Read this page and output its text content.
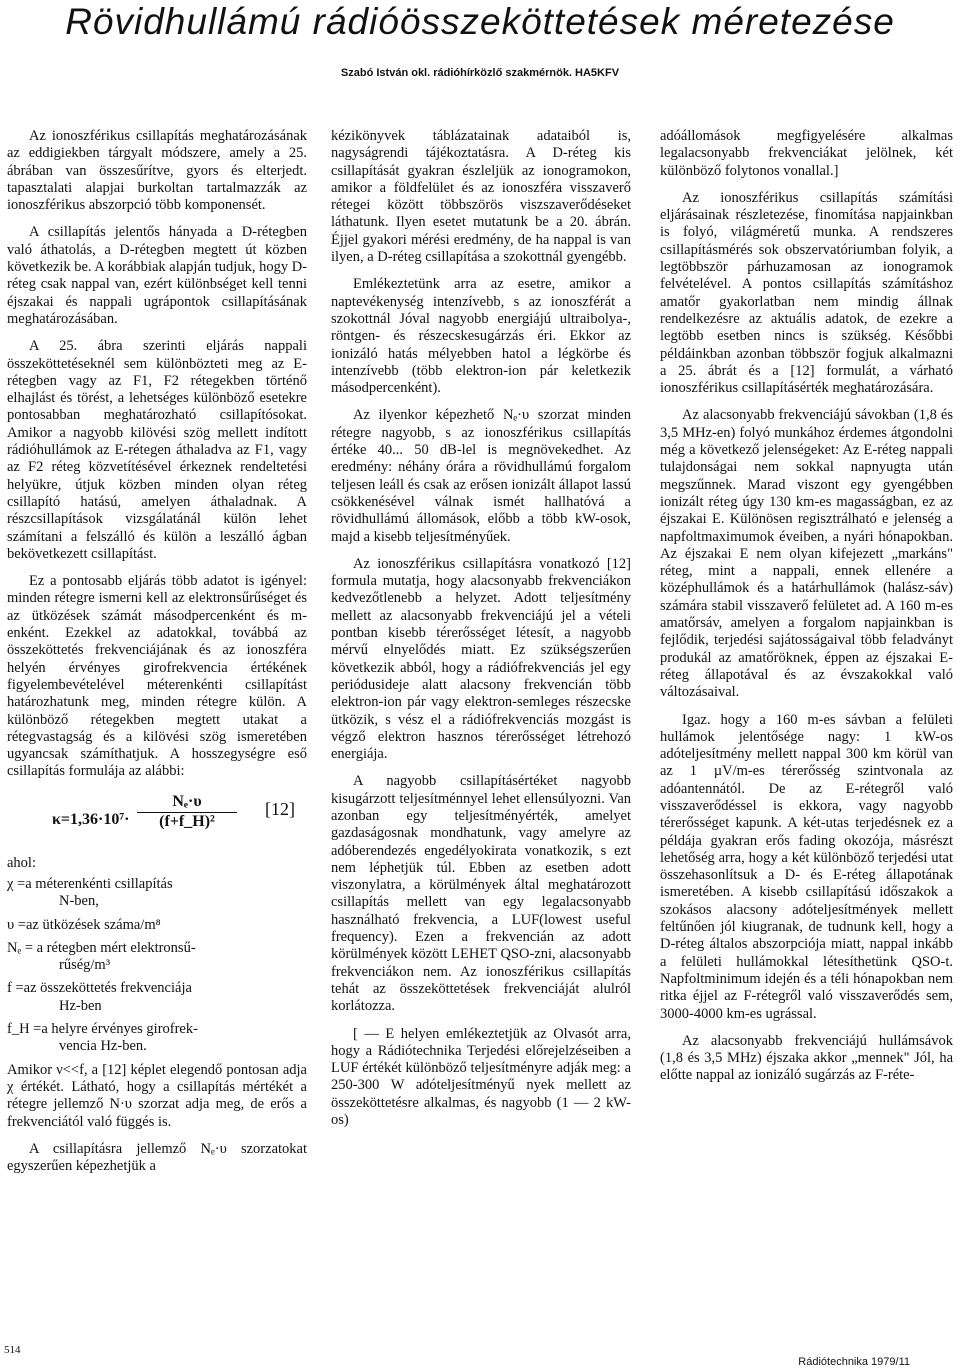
Rövidhullámú rádióösszeköttetések méretezése
Szabó István okl. rádióhírközlő szakmérnök. HA5KFV

Az ionoszférikus csillapítás meghatározásának az eddigiekben tárgyalt módszere, amely a 25. ábrában van összesűrítve, gyors és elterjedt. tapasztalati alapjai burkoltan tartalmazzák az ionoszférikus abszorpció több komponensét.

A csillapítás jelentős hányada a D-rétegben való áthatolás, a D-rétegben megtett út közben következik be. A korábbiak alapján tudjuk, hogy D-réteg csak nappal van, ezért különbséget kell tenni éjszakai és nappali ugrápontok csillapításának meghatározásában.

A 25. ábra szerinti eljárás nappali összeköttetéseknél sem különbözteti meg az E-rétegben vagy az F1, F2 rétegekben történő elhajlást és törést, a lehetséges különböző esetekre pontosabban meghatározható csillapítósokat. Amikor a nagyobb kilövési szög mellett indított rádióhullámok az E-rétegen áthaladva az F1, vagy az F2 réteg közvetítésével érkeznek rendeltetési helyükre, útjuk közben minden olyan réteg csillapító hatású, amelyen áthaladnak. A részcsillapítások vizsgálatánál külön lehet számítani a felszálló és külön a leszálló ágban bekövetkezett csillapítást.

Ez a pontosabb eljárás több adatot is igényel: minden rétegre ismerni kell az elektronsűrűséget és az ütközések számát másodpercenként és m-enként. Ezekkel az adatokkal, továbbá az összeköttetés frekvenciájának és az ionoszféra helyén érvényes girofrekvencia értékének figyelembevételével méterenkénti csillapítást határozhatunk meg, minden rétegre külön. A különböző rétegekben megtett utakat a rétegvastagság és a kilövési szög ismeretében ugyancsak számíthatjuk. A hosszegységre eső csillapítás formulája az alábbi:

$\kappa=1,36\cdot 10^7\cdot \frac{\text{Nₑ·υ}}{\text{(f+f\_H)²}} [12]$
ahol:
χ =a méterenkénti csillapítás
N-ben,
υ =az ütközések száma/m⁸
Nₑ = a rétegben mért elektronsű-
rűség/m³
f =az összeköttetés frekvenciája
Hz-ben
f_H =a helyre érvényes girofrek-
vencia Hz-ben.

Amikor ν<<f, a [12] képlet elegendő pontosan adja χ értékét. Látható, hogy a csillapítás mértékét a rétegre jellemző N·υ szorzat adja meg, de erős a frekvenciától való függés is.

A csillapításra jellemző Nₑ·υ szorzatokat egyszerűen képezhetjük a

kézikönyvek táblázatainak adataiból is, nagyságrendi tájékoztatásra. A D-réteg kis csillapítását gyakran észleljük az ionogramokon, amikor a földfelület és az ionoszféra visszaverő rétegei között többszörös viszszaverődéseket láthatunk. Ilyen esetet mutatunk be a 20. ábrán. Éjjel gyakori mérési eredmény, de ha nappal is van ilyen, a D-réteg csillapítása a szokottnál gyengébb.

Emlékeztetünk arra az esetre, amikor a naptevékenység intenzívebb, s az ionoszférát a szokottnál Jóval nagyobb energiájú ultraibolya-, röntgen- és részecskesugárzás éri. Ekkor az ionizáló hatás mélyebben hatol a légkörbe és intenzívebb (több elektron-ion pár keletkezik másodpercenként).

Az ilyenkor képezhető Nₑ·υ szorzat minden rétegre nagyobb, s az ionoszférikus csillapítás értéke 40... 50 dB-lel is megnövekedhet. Az eredmény: néhány órára a rövidhullámú forgalom teljesen leáll és csak az erősen ionizált állapot lassú csökkenésével válnak ismét hallhatóvá a rövidhullámú állomások, előbb a több kW-osok, majd a kisebb teljesítményűek.

Az ionoszférikus csillapításra vonatkozó [12] formula mutatja, hogy alacsonyabb frekvenciákon kedvezőtlenebb a helyzet. Adott teljesítmény mellett az alacsonyabb frekvenciájú jel a vételi pontban kisebb térerősséget létesít, a nagyobb mérvű elnyelődés miatt. Ez szükségszerűen következik abból, hogy a rádiófrekvenciás jel egy periódusideje alatt alacsony frekvencián több elektron-ion pár vagy elektron-semleges részecske ütközik, s vész el a rádiófrekvenciás mozgást is végző elektron hasznos térerősséget létrehozó energiája.

A nagyobb csillapításértéket nagyobb kisugárzott teljesítménnyel lehet ellensúlyozni. Van azonban egy teljesítményérték, amelyet gazdaságosnak mondhatunk, vagy amelyre az adóberendezés engedélyokirata vonatkozik, s ezt nem léphetjük túl. Ebben az esetben adott viszonylatra, a körülmények által meghatározott csillapítás mellett van egy legalacsonyabb használható frekvencia, a LUF(lowest useful frequency). Ezen a frekvencián az adott körülmények között LEHET QSO-zni, alacsonyabb frekvenciákon nem. Az ionoszférikus csillapítás tehát az összeköttetések frekvenciáját alulról korlátozza.

[ — E helyen emlékeztetjük az Olvasót arra, hogy a Rádiótechnika Terjedési előrejelzéseiben a LUF értékét különböző teljesítményre adják meg: a 250-300 W adóteljesítményű nyek mellett az összeköttetésre alkalmas, és nagyobb (1 — 2 kW-os)

adóállomások megfigyelésére alkalmas legalacsonyabb frekvenciákat jelölnek, két különböző folytonos vonallal.]

Az ionoszférikus csillapítás számítási eljárásainak részletezése, finomítása napjainkban is folyó, világméretű munka. A rendszeres csillapításmérés sok obszervatóriumban folyik, a legtöbbször párhuzamosan az ionogramok felvételével. A pontos csillapítás számításhoz amatőr gyakorlatban nem mindig állnak rendelkezésre az aktuális adatok, de ezekre a legtöbb esetben nincs is szükség. Későbbi példáinkban azonban többször fogjuk alkalmazni a 25. ábrát és a [12] formulát, a várható ionoszférikus csillapításérték meghatározására.

Az alacsonyabb frekvenciájú sávokban (1,8 és 3,5 MHz-en) folyó munkához érdemes átgondolni még a következő jelenségeket: Az E-réteg nappali tulajdonságai nem sokkal napnyugta után megszűnnek. Marad viszont egy gyengébben ionizált réteg úgy 130 km-es magasságban, ez az éjszakai E. Különösen regisztrálható e jelenség a napfoltmaximumok éveiben, a nyári hónapokban. Az éjszakai E nem olyan kifejezett „markáns" réteg, mint a nappali, ennek ellenére a középhullámok és a határhullámok (halász-sáv) számára stabil visszaverő felületet ad. A 160 m-es amatőrsáv, amelyen a forgalom napjainkban is fejlődik, terjedési sajátosságaival több feladványt produkál az amatőröknek, éppen az éjszakai E-réteg állapotával és az évszakokkal való változásaival.

Igaz. hogy a 160 m-es sávban a felületi hullámok jelentősége nagy: 1 kW-os adóteljesítmény mellett nappal 300 km körül van az 1 µV/m-es térerősség szintvonala az adóantennától. De az E-rétegről való visszaverődéssel is ekkora, vagy nagyobb térerősséget kapunk. A két-utas terjedésnek ez a példája gyakran erős fading okozója, másrészt lehetőség arra, hogy a két különböző terjedési utat összehasonlítsuk a D- és E-réteg állapotának ismeretében. A kisebb csillapítású időszakok a szokásos alacsony adóteljesítmények mellett feltűnően jól kiugranak, de tudnunk kell, hogy a D-réteg általos abszorpciója miatt, nappal inkább a felületi hullámokkal létesíthetünk QSO-t. Napfoltminimum idején és a téli hónapokban nem ritka éjjel az F-rétegről való visszaverődés sem, 3000-4000 km-es ugrással.

Az alacsonyabb frekvenciájú hullámsávok (1,8 és 3,5 MHz) éjszaka akkor „mennek" Jól, ha előtte nappal az ionizáló sugárzás az F-réte-

514
Rádiótechnika 1979/11
